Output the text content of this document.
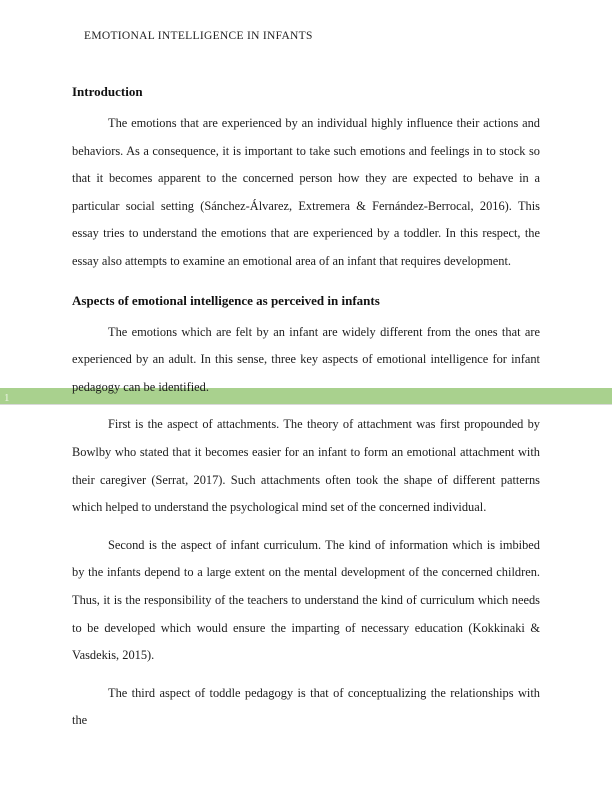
EMOTIONAL INTELLIGENCE IN INFANTS
1
Introduction

The emotions that are experienced by an individual highly influence their actions and behaviors. As a consequence, it is important to take such emotions and feelings in to stock so that it becomes apparent to the concerned person how they are expected to behave in a particular social setting (Sánchez-Álvarez, Extremera & Fernández-Berrocal, 2016). This essay tries to understand the emotions that are experienced by a toddler. In this respect, the essay also attempts to examine an emotional area of an infant that requires development.

Aspects of emotional intelligence as perceived in infants

The emotions which are felt by an infant are widely different from the ones that are experienced by an adult. In this sense, three key aspects of emotional intelligence for infant pedagogy can be identified.

First is the aspect of attachments. The theory of attachment was first propounded by Bowlby who stated that it becomes easier for an infant to form an emotional attachment with their caregiver (Serrat, 2017). Such attachments often took the shape of different patterns which helped to understand the psychological mind set of the concerned individual.

Second is the aspect of infant curriculum. The kind of information which is imbibed by the infants depend to a large extent on the mental development of the concerned children. Thus, it is the responsibility of the teachers to understand the kind of curriculum which needs to be developed which would ensure the imparting of necessary education (Kokkinaki & Vasdekis, 2015).

The third aspect of toddle pedagogy is that of conceptualizing the relationships with the
